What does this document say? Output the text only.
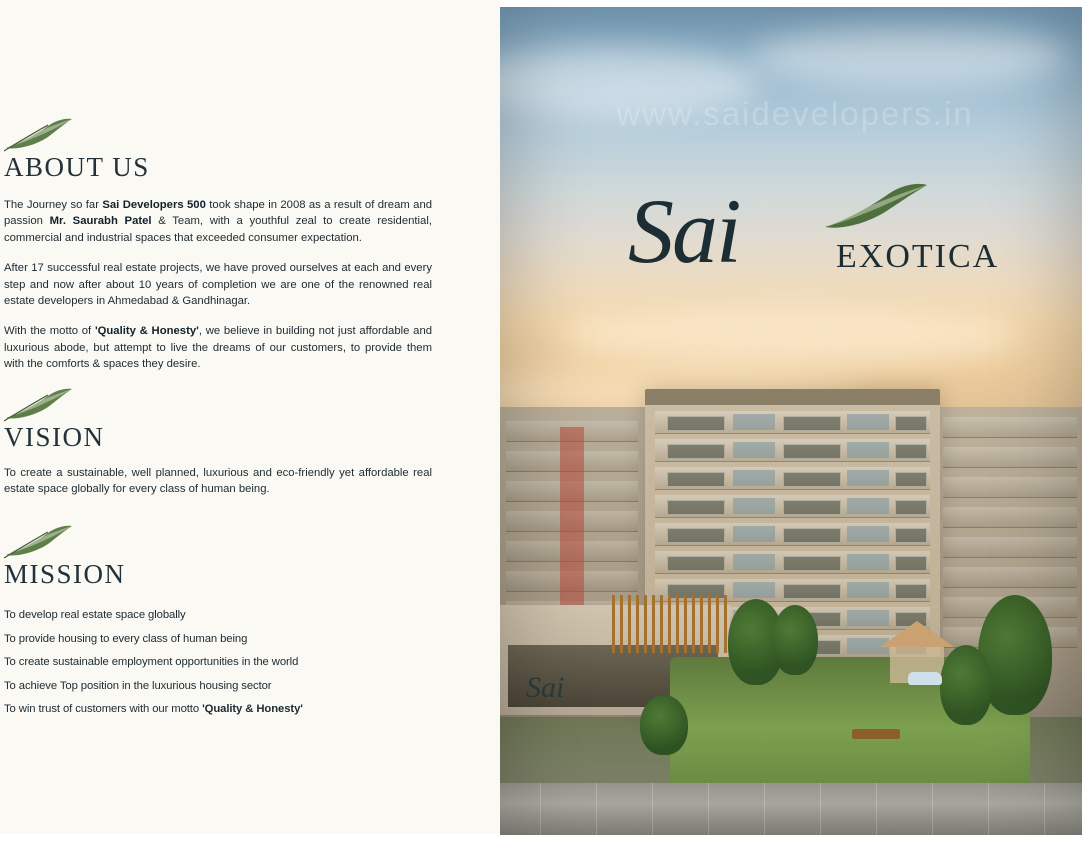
ABOUT US

The Journey so far Sai Developers 500 took shape in 2008 as a result of dream and passion Mr. Saurabh Patel & Team, with a youthful zeal to create residential, commercial and industrial spaces that exceeded consumer expectation.

After 17 successful real estate projects, we have proved ourselves at each and every step and now after about 10 years of completion we are one of the renowned real estate developers in Ahmedabad & Gandhinagar.

With the motto of 'Quality & Honesty', we believe in building not just affordable and luxurious abode, but attempt to live the dreams of our customers, to provide them with the comforts & spaces they desire.

VISION

To create a sustainable, well planned, luxurious and eco-friendly yet affordable real estate space globally for every class of human being.

MISSION
To develop real estate space globally
To provide housing to every class of human being
To create sustainable employment opportunities in the world
To achieve Top position in the luxurious housing sector
To win trust of customers with our motto 'Quality & Honesty'
www.saidevelopers.in
Sai	EXOTICA
Sai
